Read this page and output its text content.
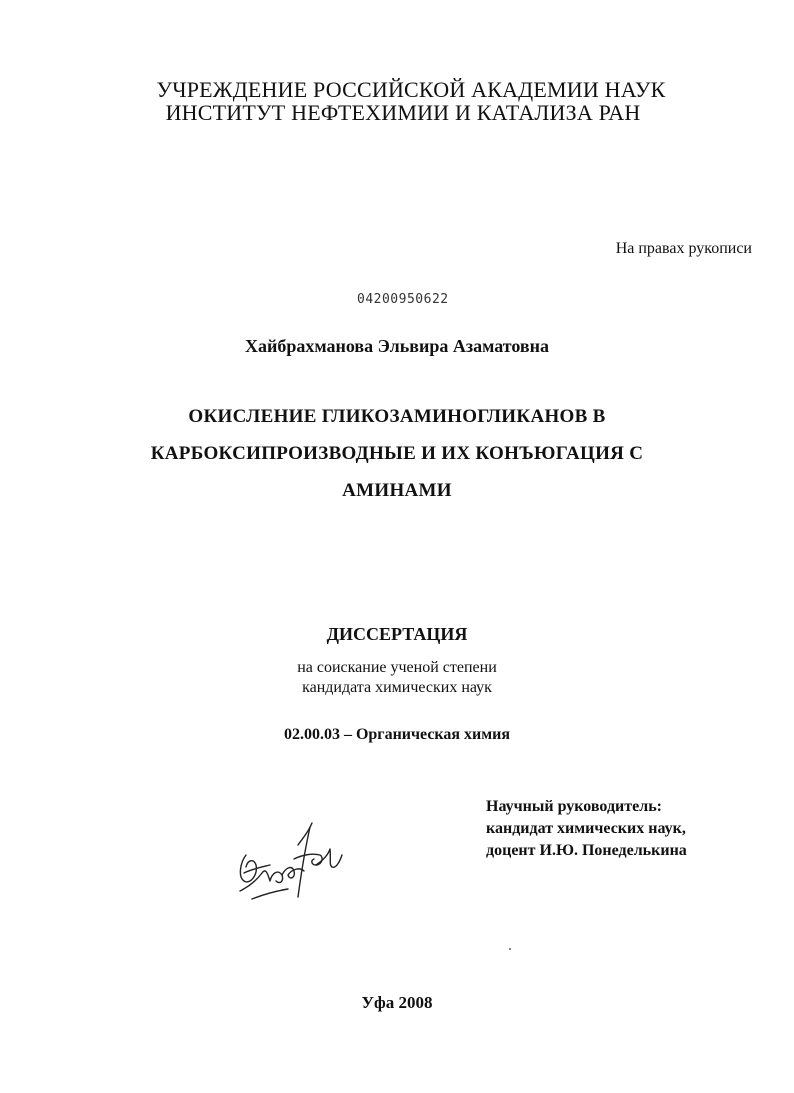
УЧРЕЖДЕНИЕ РОССИЙСКОЙ АКАДЕМИИ НАУК
ИНСТИТУТ НЕФТЕХИМИИ И КАТАЛИЗА РАН
На правах рукописи
04200950622
Хайбрахманова Эльвира Азаматовна
ОКИСЛЕНИЕ ГЛИКОЗАМИНОГЛИКАНОВ В
КАРБОКСИПРОИЗВОДНЫЕ И ИХ КОНЪЮГАЦИЯ С
АМИНАМИ
ДИССЕРТАЦИЯ
на соискание ученой степени
кандидата химических наук
02.00.03 – Органическая химия
Научный руководитель:
кандидат химических наук,
доцент И.Ю. Понеделькина
Уфа 2008
